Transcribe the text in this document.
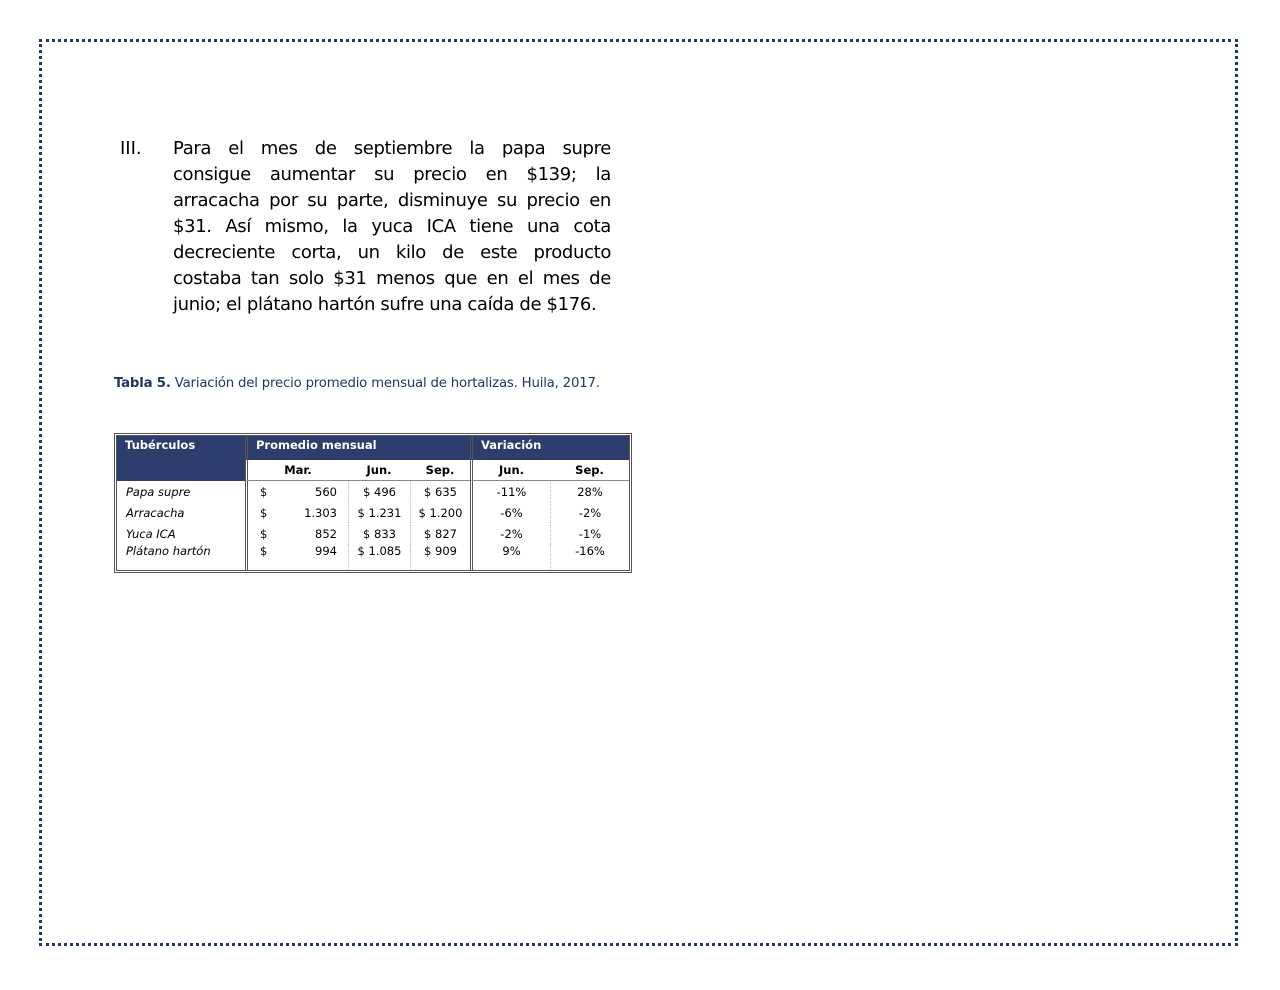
III. Para el mes de septiembre la papa supre consigue aumentar su precio en $139; la arracacha por su parte, disminuye su precio en $31. Así mismo, la yuca ICA tiene una cota decreciente corta, un kilo de este producto costaba tan solo $31 menos que en el mes de junio; el plátano hartón sufre una caída de $176.
Tabla 5. Variación del precio promedio mensual de hortalizas. Huila, 2017.
Tubérculos	Promedio mensual				Variación	
	Mar.		Jun.	Sep.	Jun.	Sep.
Papa supre	$	560	$ 496	$ 635	-11%	28%
Arracacha	$	1.303	$ 1.231	$ 1.200	-6%	-2%
Yuca ICA	$	852	$ 833	$ 827	-2%	-1%
Plátano hartón	$	994	$ 1.085	$ 909	9%	-16%
